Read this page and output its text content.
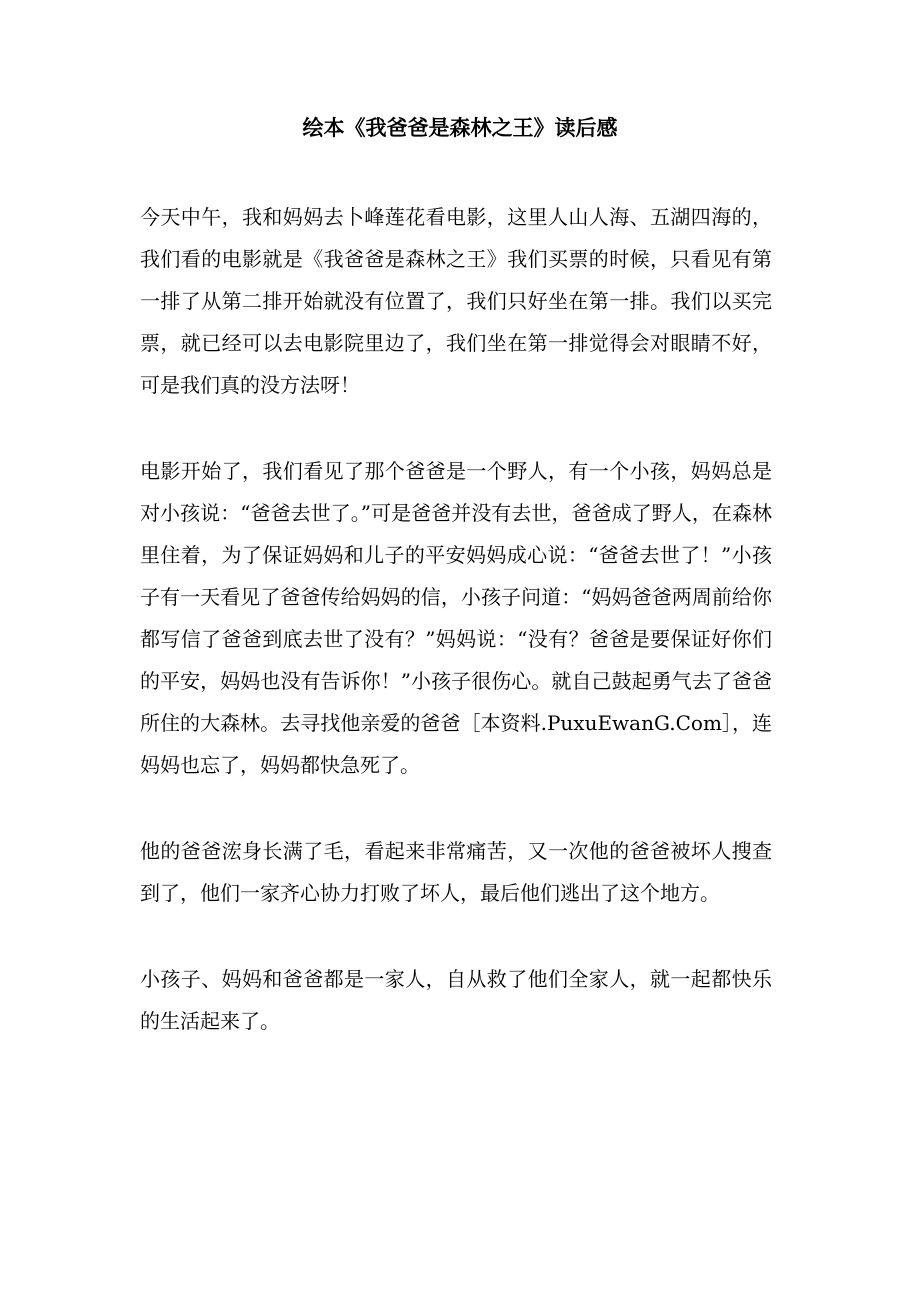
绘本《我爸爸是森林之王》读后感

今天中午，我和妈妈去卜峰莲花看电影，这里人山人海、五湖四海的，我们看的电影就是《我爸爸是森林之王》我们买票的时候，只看见有第一排了从第二排开始就没有位置了，我们只好坐在第一排。我们以买完票，就已经可以去电影院里边了，我们坐在第一排觉得会对眼睛不好，可是我们真的没方法呀！

电影开始了，我们看见了那个爸爸是一个野人，有一个小孩，妈妈总是对小孩说：“爸爸去世了。”可是爸爸并没有去世，爸爸成了野人，在森林里住着，为了保证妈妈和儿子的平安妈妈成心说：“爸爸去世了！”小孩子有一天看见了爸爸传给妈妈的信，小孩子问道：“妈妈爸爸两周前给你都写信了爸爸到底去世了没有？”妈妈说：“没有？爸爸是要保证好你们的平安，妈妈也没有告诉你！”小孩子很伤心。就自己鼓起勇气去了爸爸所住的大森林。去寻找他亲爱的爸爸［本资料.PuxuEwanG.Com］，连妈妈也忘了，妈妈都快急死了。

他的爸爸浤身长满了毛，看起来非常痛苦，又一次他的爸爸被坏人搜查到了，他们一家齐心协力打败了坏人，最后他们逃出了这个地方。

小孩子、妈妈和爸爸都是一家人，自从救了他们全家人，就一起都快乐的生活起来了。
